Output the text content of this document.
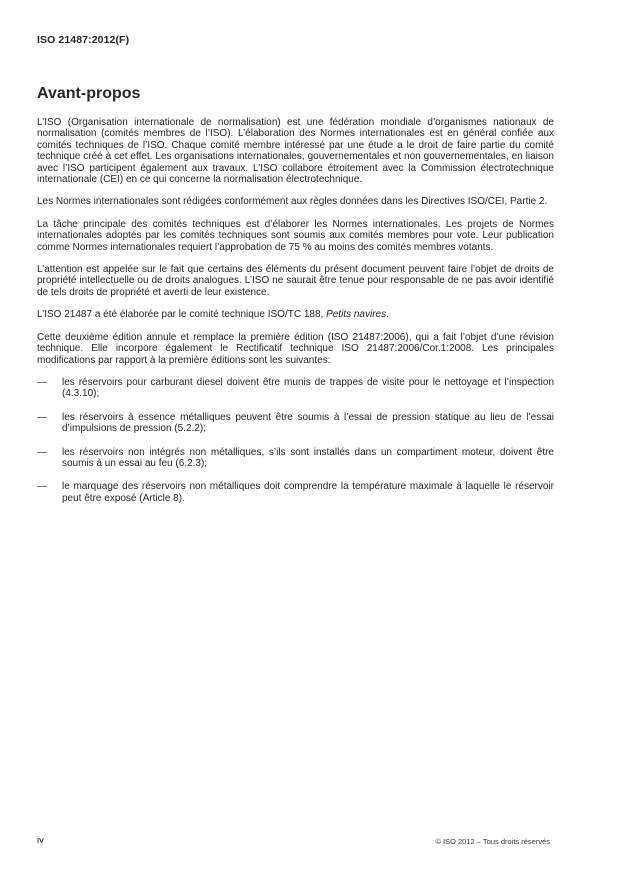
ISO 21487:2012(F)
Avant-propos

L’ISO (Organisation internationale de normalisation) est une fédération mondiale d’organismes nationaux de normalisation (comités membres de l’ISO). L’élaboration des Normes internationales est en général confiée aux comités techniques de l’ISO. Chaque comité membre intéressé par une étude a le droit de faire partie du comité technique créé à cet effet. Les organisations internationales, gouvernementales et non gouvernementales, en liaison avec l’ISO participent également aux travaux. L’ISO collabore étroitement avec la Commission électrotechnique internationale (CEI) en ce qui concerne la normalisation électrotechnique.

Les Normes internationales sont rédigées conformément aux règles données dans les Directives ISO/CEI, Partie 2.

La tâche principale des comités techniques est d’élaborer les Normes internationales. Les projets de Normes internationales adoptés par les comités techniques sont soumis aux comités membres pour vote. Leur publication comme Normes internationales requiert l’approbation de 75 % au moins des comités membres votants.

L’attention est appelée sur le fait que certains des éléments du présent document peuvent faire l’objet de droits de propriété intellectuelle ou de droits analogues. L’ISO ne saurait être tenue pour responsable de ne pas avoir identifié de tels droits de propriété et averti de leur existence.

L’ISO 21487 a été élaborée par le comité technique ISO/TC 188, Petits navires.

Cette deuxième édition annule et remplace la première édition (ISO 21487:2006), qui a fait l’objet d’une révision technique. Elle incorpore également le Rectificatif technique ISO 21487:2006/Cor.1:2008. Les principales modifications par rapport à la première éditions sont les suivantes:

— les réservoirs pour carburant diesel doivent être munis de trappes de visite pour le nettoyage et l’inspection (4.3.10);
— les réservoirs à essence métalliques peuvent être soumis à l’essai de pression statique au lieu de l’essai d’impulsions de pression (5.2.2);
— les réservoirs non intégrés non métalliques, s’ils sont installés dans un compartiment moteur, doivent être soumis à un essai au feu (6.2.3);
— le marquage des réservoirs non métalliques doit comprendre la température maximale à laquelle le réservoir peut être exposé (Article 8).
iv	© ISO 2012 – Tous droits réservés
